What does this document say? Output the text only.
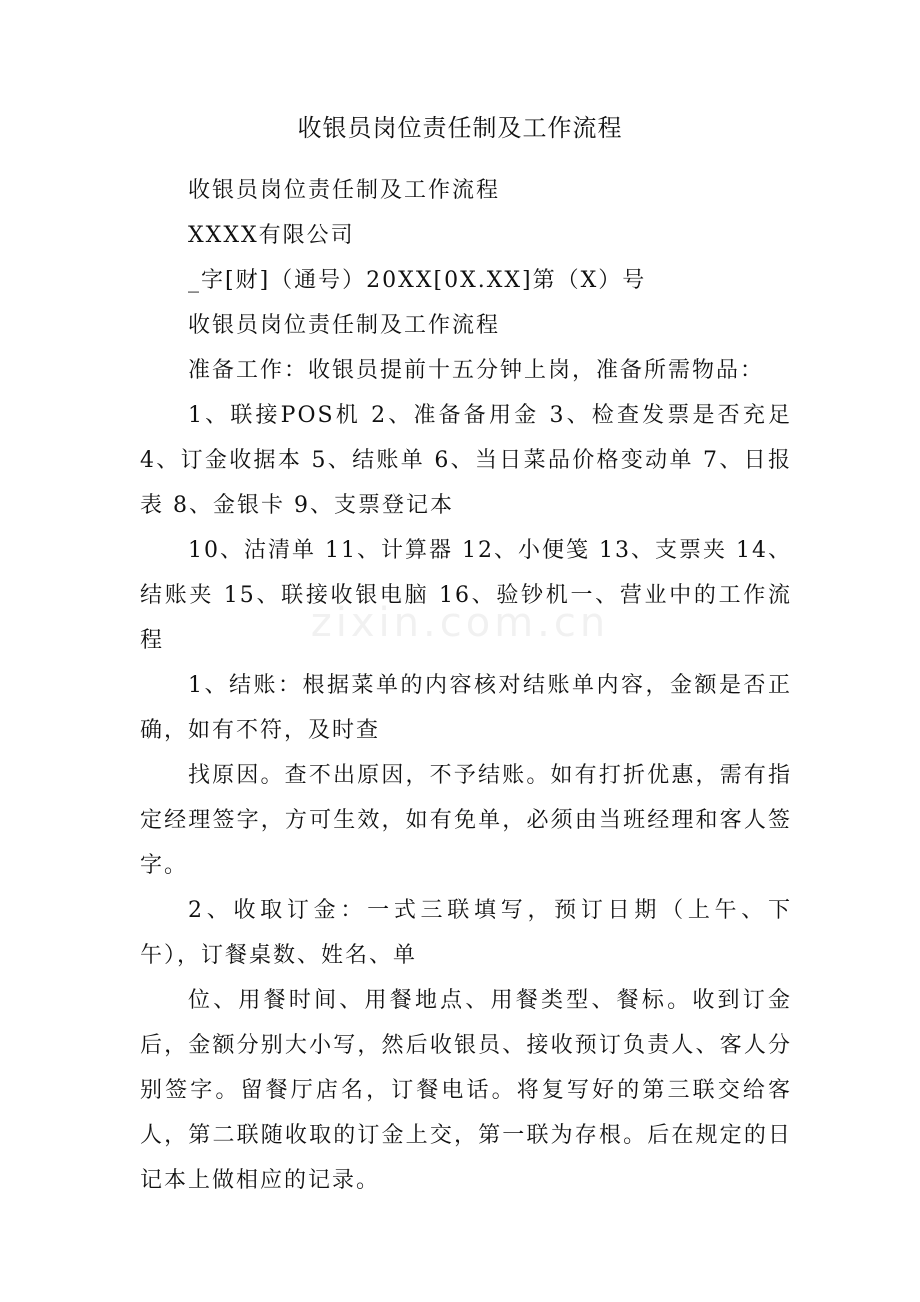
收银员岗位责任制及工作流程
zixin.com.cn

收银员岗位责任制及工作流程

XXXX有限公司

_字[财]（通号）20XX[0X.XX]第（X）号

收银员岗位责任制及工作流程

准备工作：收银员提前十五分钟上岗，准备所需物品：

1、联接POS机 2、准备备用金 3、检查发票是否充足 4、订金收据本 5、结账单 6、当日菜品价格变动单 7、日报表 8、金银卡 9、支票登记本

10、沽清单 11、计算器 12、小便笺 13、支票夹 14、结账夹 15、联接收银电脑 16、验钞机一、营业中的工作流程

1、结账：根据菜单的内容核对结账单内容，金额是否正确，如有不符，及时查

找原因。查不出原因，不予结账。如有打折优惠，需有指定经理签字，方可生效，如有免单，必须由当班经理和客人签字。

2、收取订金：一式三联填写，预订日期（上午、下午），订餐桌数、姓名、单

位、用餐时间、用餐地点、用餐类型、餐标。收到订金后，金额分别大小写，然后收银员、接收预订负责人、客人分别签字。留餐厅店名，订餐电话。将复写好的第三联交给客人，第二联随收取的订金上交，第一联为存根。后在规定的日记本上做相应的记录。
